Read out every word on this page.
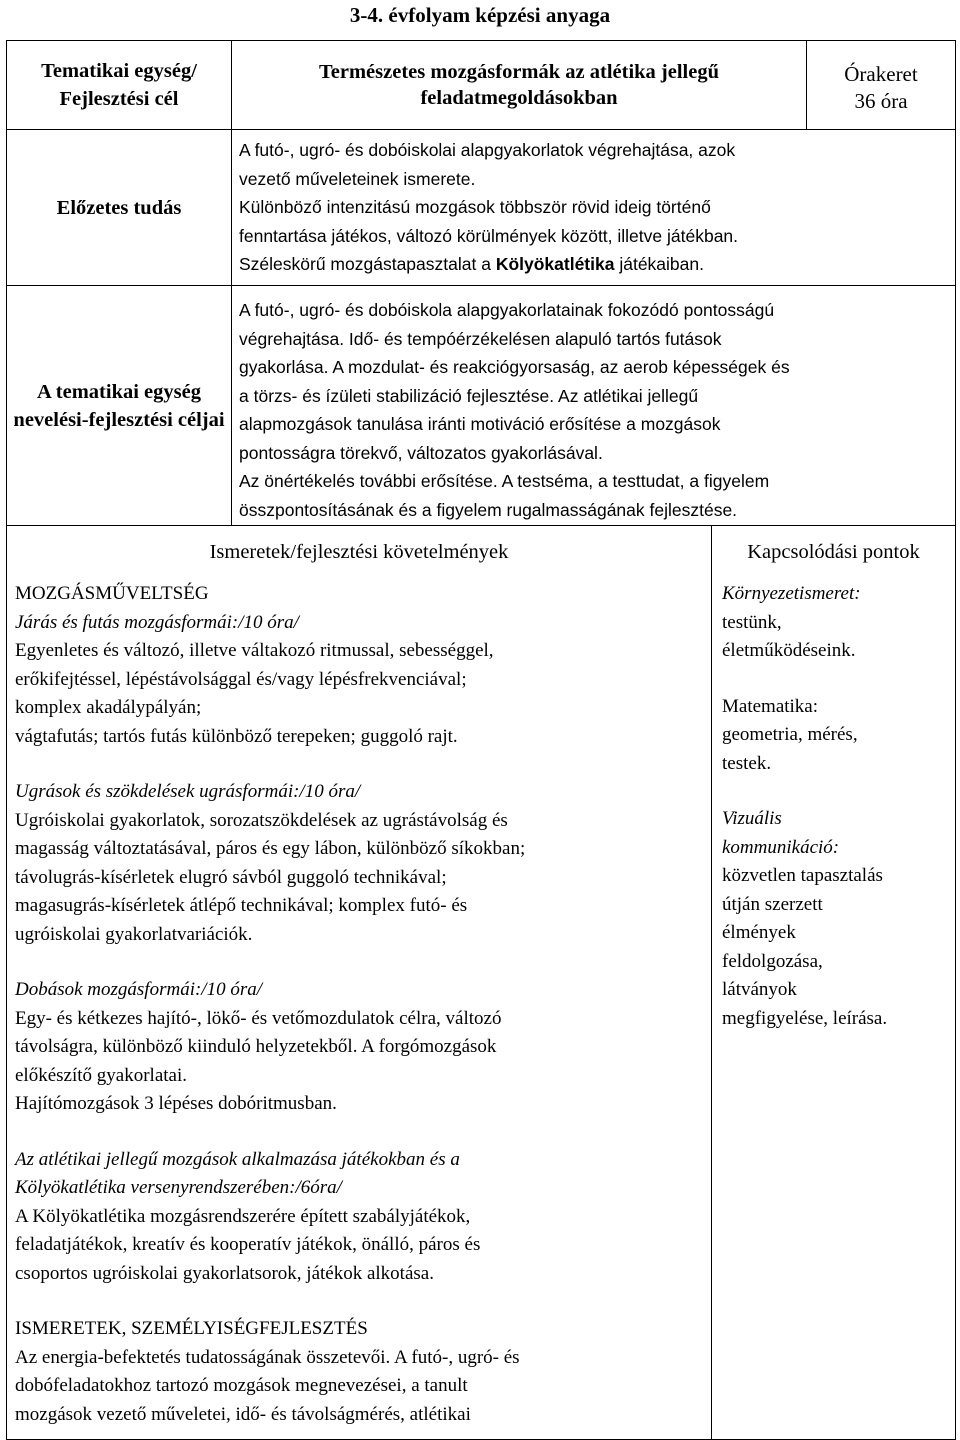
3-4. évfolyam képzési anyaga
Tematikai egység/ Fejlesztési cél
Természetes mozgásformák az atlétika jellegű feladatmegoldásokban
Órakeret
36 óra
Előzetes tudás
A futó-, ugró- és dobóiskolai alapgyakorlatok végrehajtása, azok
vezető műveleteinek ismerete.
Különböző intenzitású mozgások többször rövid ideig történő
fenntartása játékos, változó körülmények között, illetve játékban.
Széleskörű mozgástapasztalat a Kölyökatlétika játékaiban.
A tematikai egység nevelési-fejlesztési céljai
A futó-, ugró- és dobóiskola alapgyakorlatainak fokozódó pontosságú
végrehajtása. Idő- és tempóérzékelésen alapuló tartós futások
gyakorlása. A mozdulat- és reakciógyorsaság, az aerob képességek és
a törzs- és ízületi stabilizáció fejlesztése. Az atlétikai jellegű
alapmozgások tanulása iránti motiváció erősítése a mozgások
pontosságra törekvő, változatos gyakorlásával.
Az önértékelés további erősítése. A testséma, a testtudat, a figyelem
összpontosításának és a figyelem rugalmasságának fejlesztése.
Ismeretek/fejlesztési követelmények	Kapcsolódási pontok
MOZGÁSMŰVELTSÉG
Járás és futás mozgásformái:/10 óra/
Egyenletes és változó, illetve váltakozó ritmussal, sebességgel,
erőkifejtéssel, lépéstávolsággal és/vagy lépésfrekvenciával;
komplex akadálypályán;
vágtafutás; tartós futás különböző terepeken; guggoló rajt.
Ugrások és szökdelések ugrásformái:/10 óra/
Ugróiskolai gyakorlatok, sorozatszökdelések az ugrástávolság és
magasság változtatásával, páros és egy lábon, különböző síkokban;
távolugrás-kísérletek elugró sávból guggoló technikával;
magasugrás-kísérletek átlépő technikával; komplex futó- és
ugróiskolai gyakorlatvariációk.
Dobások mozgásformái:/10 óra/
Egy- és kétkezes hajító-, lökő- és vetőmozdulatok célra, változó
távolságra, különböző kiinduló helyzetekből. A forgómozgások
előkészítő gyakorlatai.
Hajítómozgások 3 lépéses dobóritmusban.
Az atlétikai jellegű mozgások alkalmazása játékokban és a
Kölyökatlétika versenyrendszerében:/6óra/
A Kölyökatlétika mozgásrendszerére épített szabályjátékok,
feladatjátékok, kreatív és kooperatív játékok, önálló, páros és
csoportos ugróiskolai gyakorlatsorok, játékok alkotása.
ISMERETEK, SZEMÉLYISÉGFEJLESZTÉS
Az energia-befektetés tudatosságának összetevői. A futó-, ugró- és
dobófeladatokhoz tartozó mozgások megnevezései, a tanult
mozgások vezető műveletei, idő- és távolságmérés, atlétikai
Környezetismeret:
testünk,
életműködéseink.
Matematika:
geometria, mérés,
testek.
Vizuális
kommunikáció:
közvetlen tapasztalás
útján szerzett
élmények
feldolgozása,
látványok
megfigyelése, leírása.
